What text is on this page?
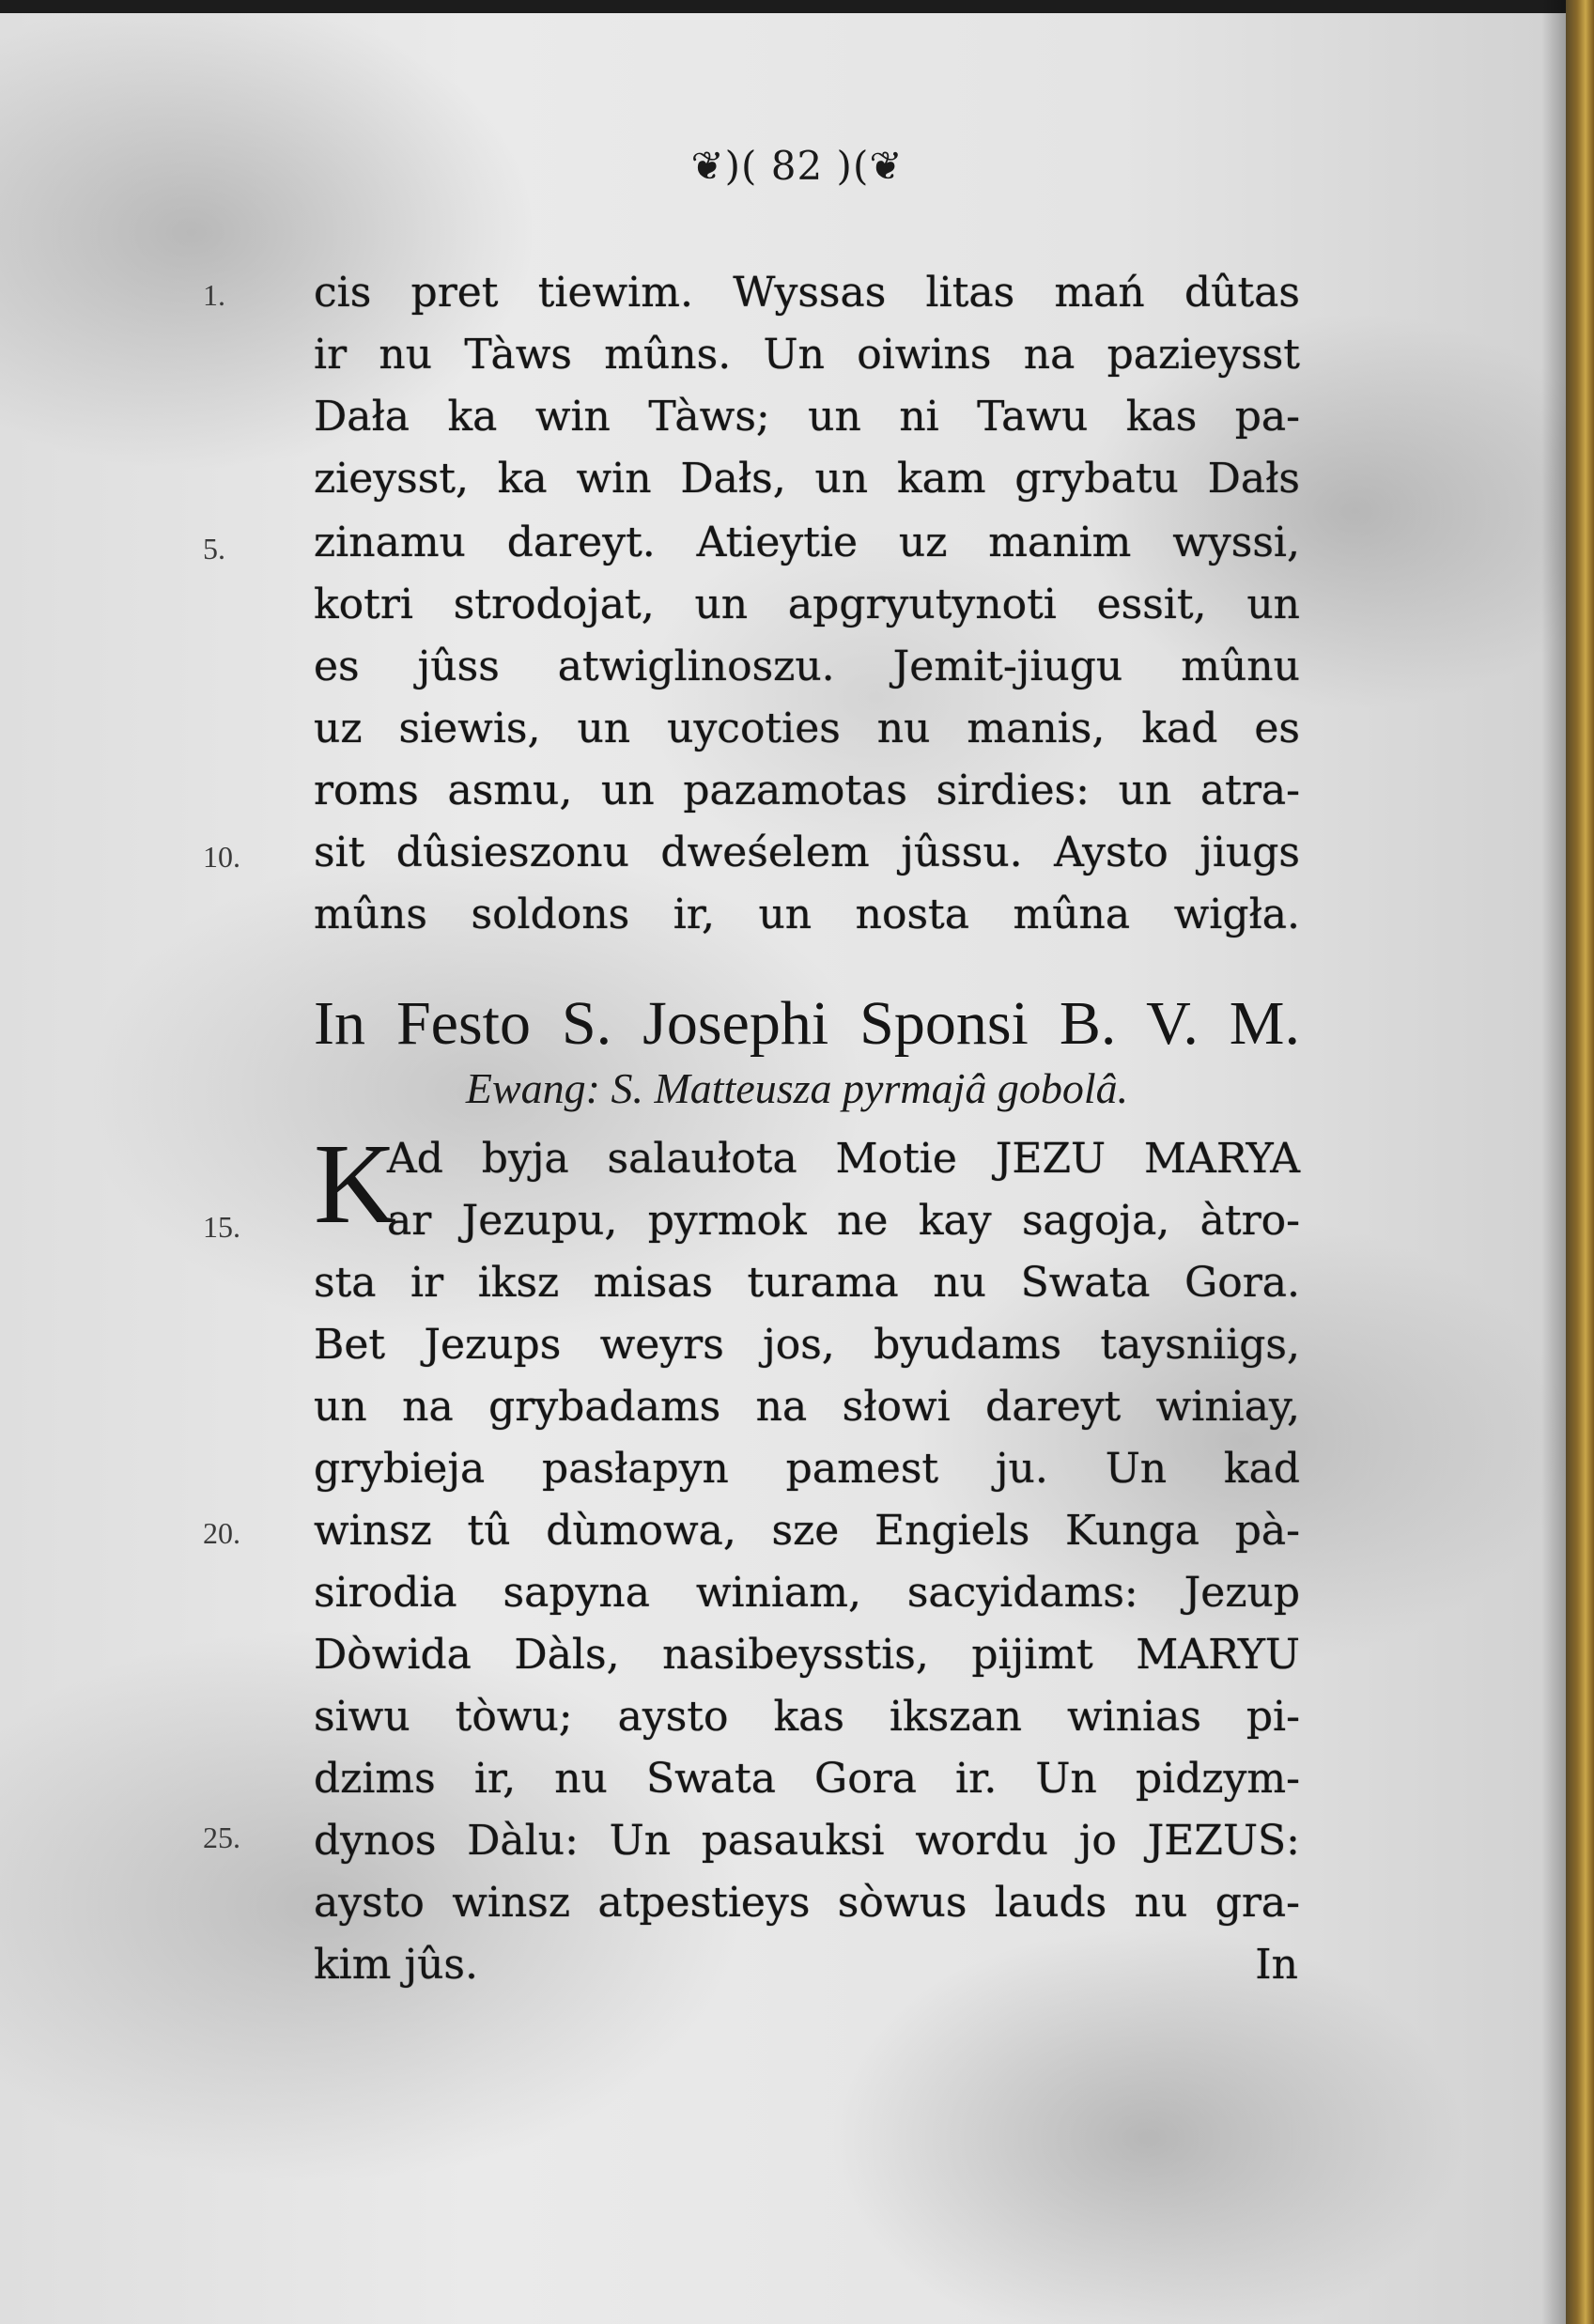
❦)( 82 )(❦
1.
5.
10.
15.
20.
25.
cis pret tiewim. Wyssas litas mań dûtas
ir nu Tàws mûns. Un oiwins na pazieysst
Dała ka win Tàws; un ni Tawu kas pa-
zieysst, ka win Dałs, un kam grybatu Dałs
zinamu dareyt. Atieytie uz manim wyssi,
kotri strodojat, un apgryutynoti essit, un
es jûss atwiglinoszu. Jemit-jiugu mûnu
uz siewis, un uycoties nu manis, kad es
roms asmu, un pazamotas sirdies: un atra-
sit dûsieszonu dweśelem jûssu. Aysto jiugs
mûns soldons ir, un nosta mûna wigła.
In Festo S. Josephi Sponsi B. V. M.
Ewang: S. Matteusza pyrmajâ gobolâ.
K
Ad byja salaułota Motie JEZU MARYA
ar Jezupu, pyrmok ne kay sagoja, àtro-
sta ir iksz misas turama nu Swata Gora.
Bet Jezups weyrs jos, byudams taysniigs,
un na grybadams na słowi dareyt winiay,
grybieja pasłapyn pamest ju. Un kad
winsz tû dùmowa, sze Engiels Kunga pà-
sirodia sapyna winiam, sacyidams: Jezup
Dòwida Dàls, nasibeysstis, pijimt MARYU
siwu tòwu; aysto kas ikszan winias pi-
dzims ir, nu Swata Gora ir. Un pidzym-
dynos Dàlu: Un pasauksi wordu jo JEZUS:
aysto winsz atpestieys sòwus lauds nu gra-
kim jûs.	In
